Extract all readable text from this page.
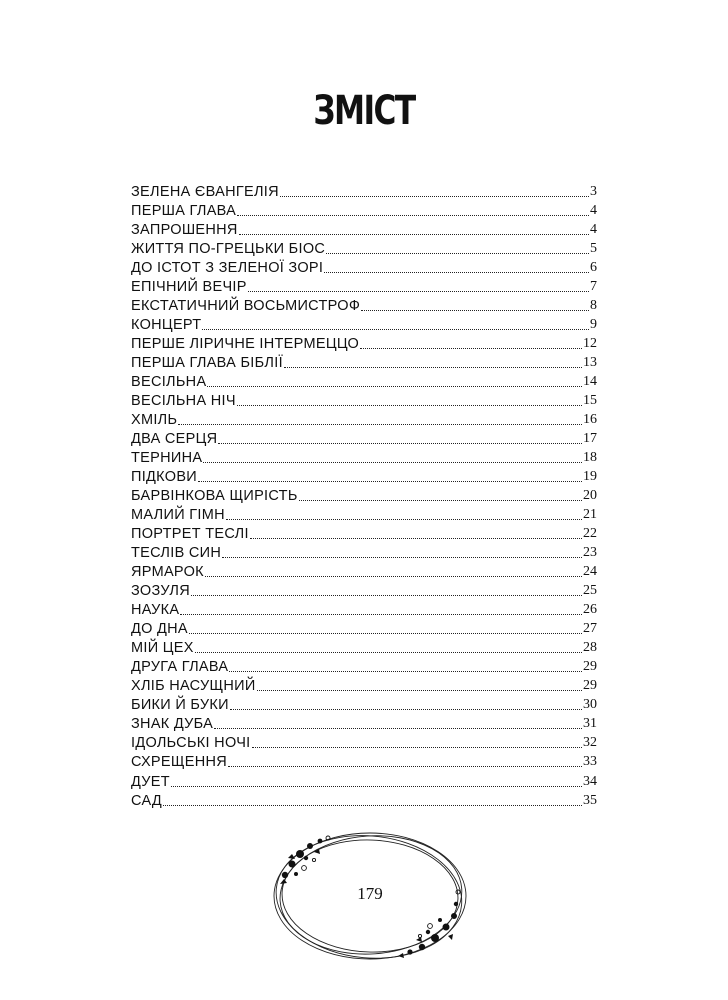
ЗМІСТ
ЗЕЛЕНА ЄВАНГЕЛІЯ	3
ПЕРША ГЛАВА	4
ЗАПРОШЕННЯ	4
ЖИТТЯ ПО-ГРЕЦЬКИ БІОС	5
ДО ІСТОТ З ЗЕЛЕНОЇ ЗОРІ	6
ЕПІЧНИЙ ВЕЧІР	7
ЕКСТАТИЧНИЙ ВОСЬМИСТРОФ	8
КОНЦЕРТ	9
ПЕРШЕ ЛІРИЧНЕ ІНТЕРМЕЦЦО	12
ПЕРША ГЛАВА БІБЛІЇ	13
ВЕСІЛЬНА	14
ВЕСІЛЬНА НІЧ	15
ХМІЛЬ	16
ДВА СЕРЦЯ	17
ТЕРНИНА	18
ПІДКОВИ	19
БАРВІНКОВА ЩИРІСТЬ	20
МАЛИЙ ГІМН	21
ПОРТРЕТ ТЕСЛІ	22
ТЕСЛІВ СИН	23
ЯРМАРОК	24
ЗОЗУЛЯ	25
НАУКА	26
ДО ДНА	27
МІЙ ЦЕХ	28
ДРУГА ГЛАВА	29
ХЛІБ НАСУЩНИЙ	29
БИКИ Й БУКИ	30
ЗНАК ДУБА	31
ІДОЛЬСЬКІ НОЧІ	32
СХРЕЩЕННЯ	33
ДУЕТ	34
САД	35
179
